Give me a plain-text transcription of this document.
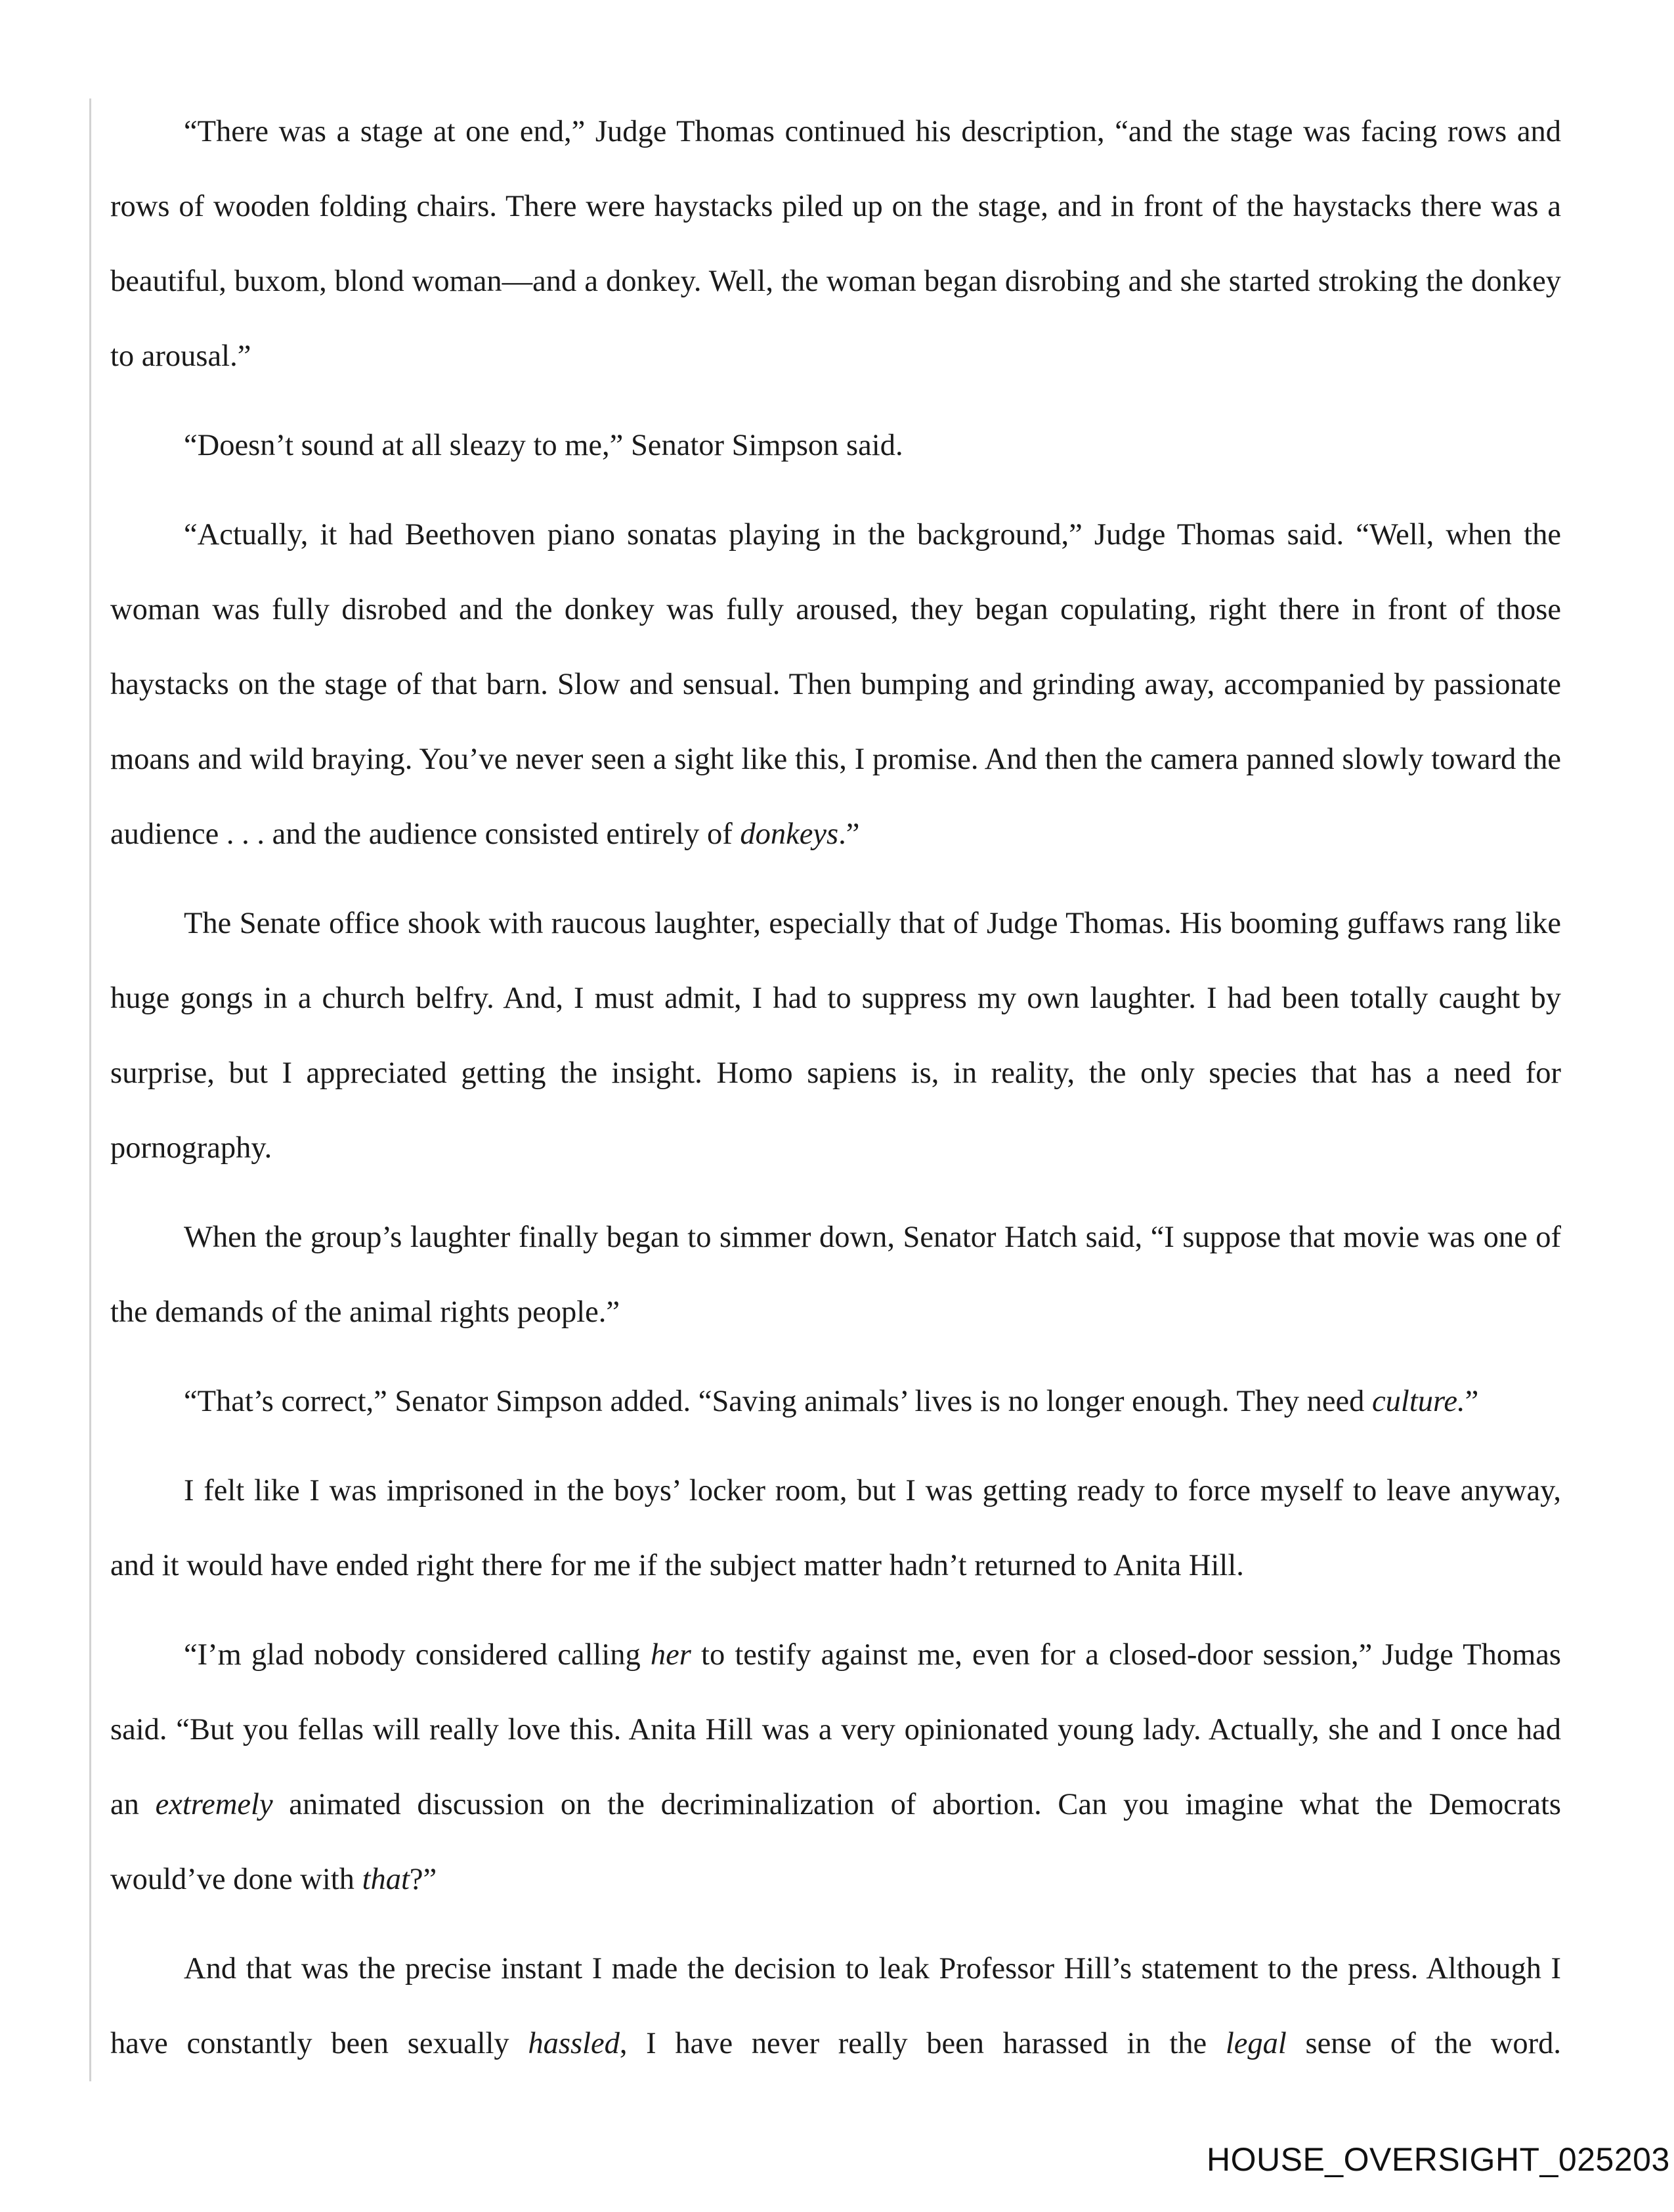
“There was a stage at one end,” Judge Thomas continued his description, “and the stage was facing rows and rows of wooden folding chairs. There were haystacks piled up on the stage, and in front of the haystacks there was a beautiful, buxom, blond woman—and a donkey. Well, the woman began disrobing and she started stroking the donkey to arousal.”

“Doesn’t sound at all sleazy to me,” Senator Simpson said.

“Actually, it had Beethoven piano sonatas playing in the background,” Judge Thomas said. “Well, when the woman was fully disrobed and the donkey was fully aroused, they began copulating, right there in front of those haystacks on the stage of that barn. Slow and sensual. Then bumping and grinding away, accompanied by passionate moans and wild braying. You’ve never seen a sight like this, I promise. And then the camera panned slowly toward the audience . . . and the audience consisted entirely of donkeys.”

The Senate office shook with raucous laughter, especially that of Judge Thomas. His booming guffaws rang like huge gongs in a church belfry. And, I must admit, I had to suppress my own laughter. I had been totally caught by surprise, but I appreciated getting the insight. Homo sapiens is, in reality, the only species that has a need for pornography.

When the group’s laughter finally began to simmer down, Senator Hatch said, “I suppose that movie was one of the demands of the animal rights people.”

“That’s correct,” Senator Simpson added. “Saving animals’ lives is no longer enough. They need culture.”

I felt like I was imprisoned in the boys’ locker room, but I was getting ready to force myself to leave anyway, and it would have ended right there for me if the subject matter hadn’t returned to Anita Hill.

“I’m glad nobody considered calling her to testify against me, even for a closed-door session,” Judge Thomas said. “But you fellas will really love this. Anita Hill was a very opinionated young lady. Actually, she and I once had an extremely animated discussion on the decriminalization of abortion. Can you imagine what the Democrats would’ve done with that?”

And that was the precise instant I made the decision to leak Professor Hill’s statement to the press. Although I have constantly been sexually hassled, I have never really been harassed in the legal sense of the word.

HOUSE_OVERSIGHT_025203
